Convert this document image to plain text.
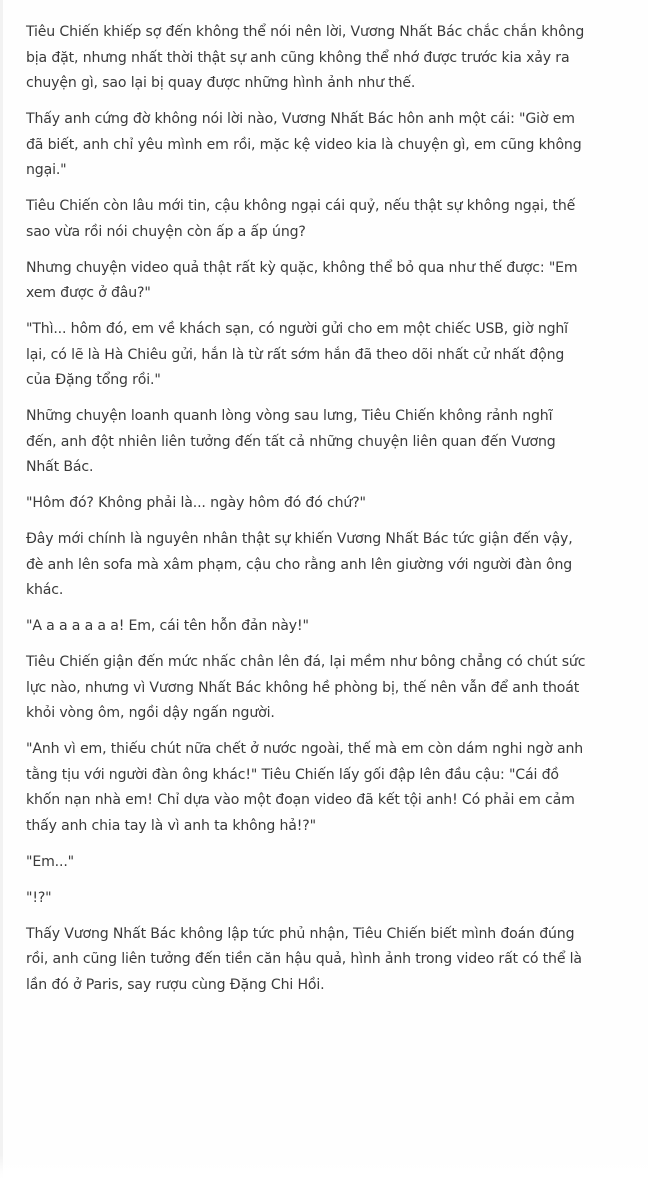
Tiêu Chiến khiếp sợ đến không thể nói nên lời, Vương Nhất Bác chắc chắn không bịa đặt, nhưng nhất thời thật sự anh cũng không thể nhớ được trước kia xảy ra chuyện gì, sao lại bị quay được những hình ảnh như thế.

Thấy anh cứng đờ không nói lời nào, Vương Nhất Bác hôn anh một cái: "Giờ em đã biết, anh chỉ yêu mình em rồi, mặc kệ video kia là chuyện gì, em cũng không ngại."

Tiêu Chiến còn lâu mới tin, cậu không ngại cái quỷ, nếu thật sự không ngại, thế sao vừa rồi nói chuyện còn ấp a ấp úng?

Nhưng chuyện video quả thật rất kỳ quặc, không thể bỏ qua như thế được: "Em xem được ở đâu?"

"Thì... hôm đó, em về khách sạn, có người gửi cho em một chiếc USB, giờ nghĩ lại, có lẽ là Hà Chiêu gửi, hắn là từ rất sớm hắn đã theo dõi nhất cử nhất động của Đặng tổng rồi."

Những chuyện loanh quanh lòng vòng sau lưng, Tiêu Chiến không rảnh nghĩ đến, anh đột nhiên liên tưởng đến tất cả những chuyện liên quan đến Vương Nhất Bác.

"Hôm đó? Không phải là... ngày hôm đó đó chứ?"

Đây mới chính là nguyên nhân thật sự khiến Vương Nhất Bác tức giận đến vậy, đè anh lên sofa mà xâm phạm, cậu cho rằng anh lên giường với người đàn ông khác.

"A a a a a a a! Em, cái tên hỗn đản này!"

Tiêu Chiến giận đến mức nhấc chân lên đá, lại mềm như bông chẳng có chút sức lực nào, nhưng vì Vương Nhất Bác không hề phòng bị, thế nên vẫn để anh thoát khỏi vòng ôm, ngồi dậy ngấn người.

"Anh vì em, thiếu chút nữa chết ở nước ngoài, thế mà em còn dám nghi ngờ anh tằng tịu với người đàn ông khác!" Tiêu Chiến lấy gối đập lên đầu cậu: "Cái đồ khốn nạn nhà em! Chỉ dựa vào một đoạn video đã kết tội anh! Có phải em cảm thấy anh chia tay là vì anh ta không hả!?"

"Em..."

"!?"

Thấy Vương Nhất Bác không lập tức phủ nhận, Tiêu Chiến biết mình đoán đúng rồi, anh cũng liên tưởng đến tiền căn hậu quả, hình ảnh trong video rất có thể là lần đó ở Paris, say rượu cùng Đặng Chi Hồi.
